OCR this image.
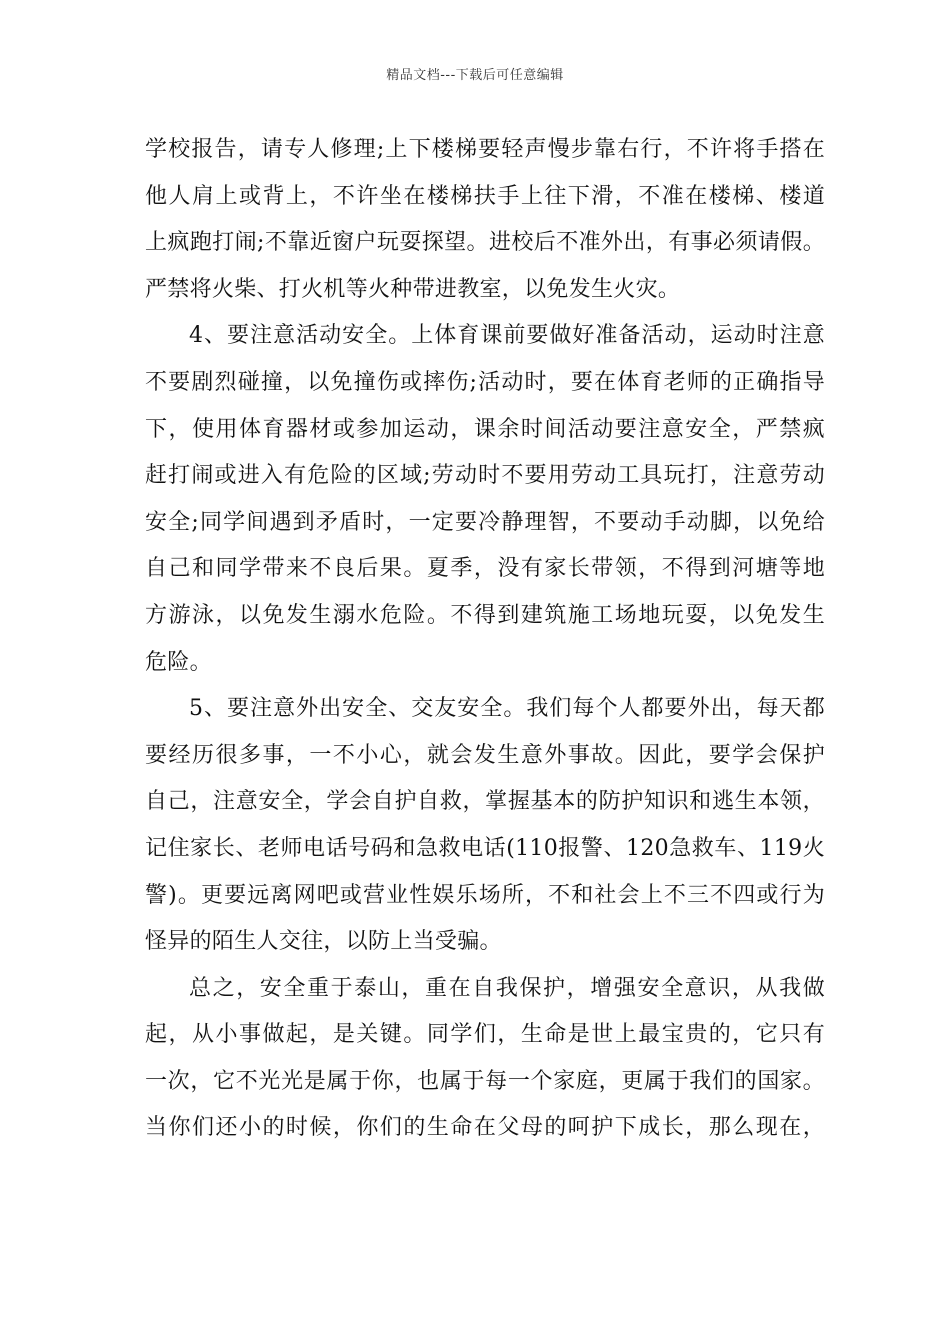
精品文档---下载后可任意编辑
学校报告，请专人修理;上下楼梯要轻声慢步靠右行，不许将手搭在
他人肩上或背上，不许坐在楼梯扶手上往下滑，不准在楼梯、楼道
上疯跑打闹;不靠近窗户玩耍探望。进校后不准外出，有事必须请假。
严禁将火柴、打火机等火种带进教室，以免发生火灾。
4、要注意活动安全。上体育课前要做好准备活动，运动时注意
不要剧烈碰撞，以免撞伤或摔伤;活动时，要在体育老师的正确指导
下，使用体育器材或参加运动，课余时间活动要注意安全，严禁疯
赶打闹或进入有危险的区域;劳动时不要用劳动工具玩打，注意劳动
安全;同学间遇到矛盾时，一定要冷静理智，不要动手动脚，以免给
自己和同学带来不良后果。夏季，没有家长带领，不得到河塘等地
方游泳，以免发生溺水危险。不得到建筑施工场地玩耍，以免发生
危险。
5、要注意外出安全、交友安全。我们每个人都要外出，每天都
要经历很多事，一不小心，就会发生意外事故。因此，要学会保护
自己，注意安全，学会自护自救，掌握基本的防护知识和逃生本领，
记住家长、老师电话号码和急救电话(110报警、120急救车、119火
警)。更要远离网吧或营业性娱乐场所，不和社会上不三不四或行为
怪异的陌生人交往，以防上当受骗。
总之，安全重于泰山，重在自我保护，增强安全意识，从我做
起，从小事做起，是关键。同学们，生命是世上最宝贵的，它只有
一次，它不光光是属于你，也属于每一个家庭，更属于我们的国家。
当你们还小的时候，你们的生命在父母的呵护下成长，那么现在，
